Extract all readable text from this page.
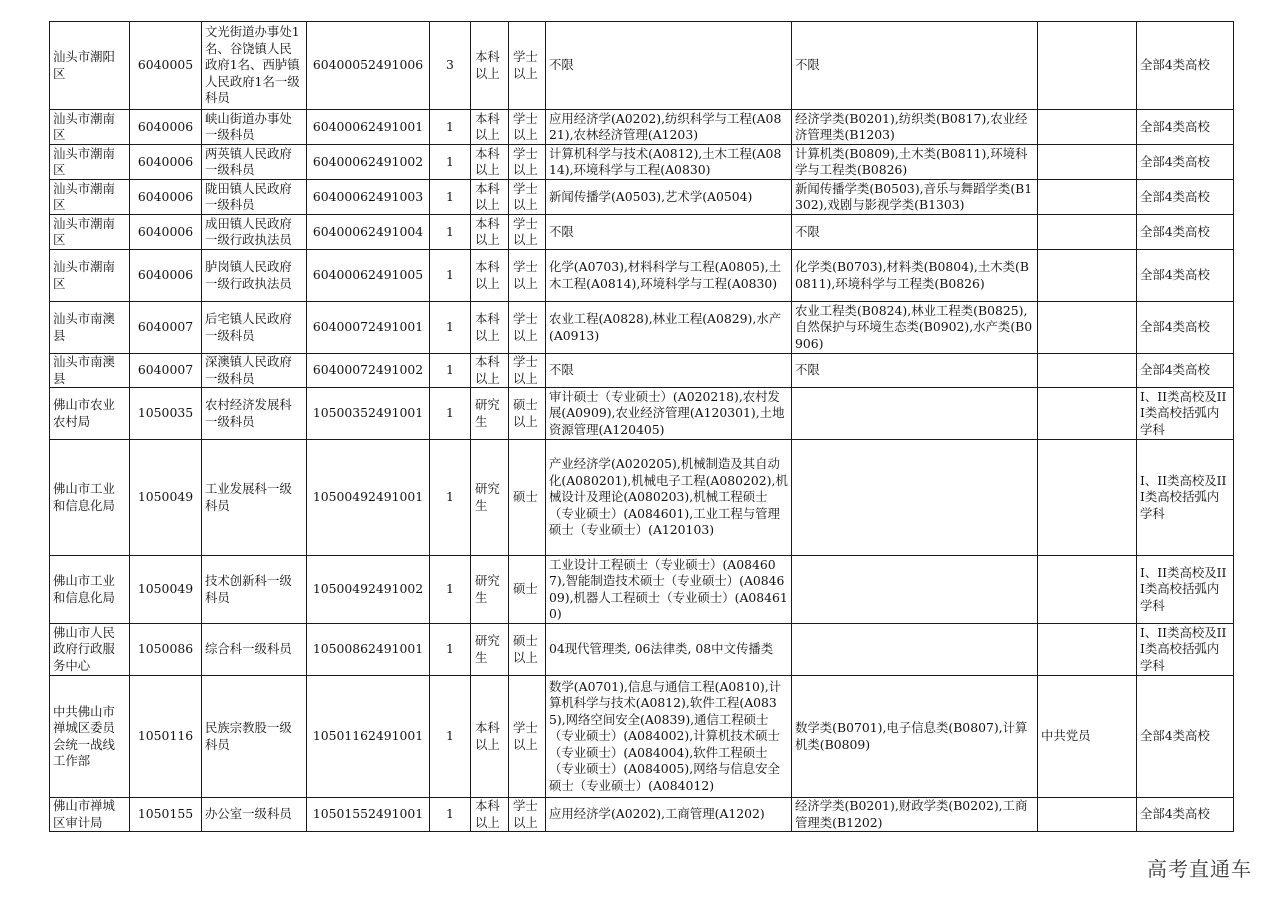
汕头市潮阳区	6040005	文光街道办事处1名、谷饶镇人民政府1名、西胪镇人民政府1名一级科员	60400052491006	3	本科以上	学士以上	不限	不限		全部4类高校
汕头市潮南区	6040006	峡山街道办事处一级科员	60400062491001	1	本科以上	学士以上	应用经济学(A0202),纺织科学与工程(A0821),农林经济管理(A1203)	经济学类(B0201),纺织类(B0817),农业经济管理类(B1203)		全部4类高校
汕头市潮南区	6040006	两英镇人民政府一级科员	60400062491002	1	本科以上	学士以上	计算机科学与技术(A0812),土木工程(A0814),环境科学与工程(A0830)	计算机类(B0809),土木类(B0811),环境科学与工程类(B0826)		全部4类高校
汕头市潮南区	6040006	陇田镇人民政府一级科员	60400062491003	1	本科以上	学士以上	新闻传播学(A0503),艺术学(A0504)	新闻传播学类(B0503),音乐与舞蹈学类(B1302),戏剧与影视学类(B1303)		全部4类高校
汕头市潮南区	6040006	成田镇人民政府一级行政执法员	60400062491004	1	本科以上	学士以上	不限	不限		全部4类高校
汕头市潮南区	6040006	胪岗镇人民政府一级行政执法员	60400062491005	1	本科以上	学士以上	化学(A0703),材料科学与工程(A0805),土木工程(A0814),环境科学与工程(A0830)	化学类(B0703),材料类(B0804),土木类(B0811),环境科学与工程类(B0826)		全部4类高校
汕头市南澳县	6040007	后宅镇人民政府一级科员	60400072491001	1	本科以上	学士以上	农业工程(A0828),林业工程(A0829),水产(A0913)	农业工程类(B0824),林业工程类(B0825),自然保护与环境生态类(B0902),水产类(B0906)		全部4类高校
汕头市南澳县	6040007	深澳镇人民政府一级科员	60400072491002	1	本科以上	学士以上	不限	不限		全部4类高校
佛山市农业农村局	1050035	农村经济发展科一级科员	10500352491001	1	研究生	硕士以上	审计硕士（专业硕士）(A020218),农村发展(A0909),农业经济管理(A120301),土地资源管理(A120405)			I、II类高校及III类高校括弧内学科
佛山市工业和信息化局	1050049	工业发展科一级科员	10500492491001	1	研究生	硕士	产业经济学(A020205),机械制造及其自动化(A080201),机械电子工程(A080202),机械设计及理论(A080203),机械工程硕士（专业硕士）(A084601),工业工程与管理硕士（专业硕士）(A120103)			I、II类高校及III类高校括弧内学科
佛山市工业和信息化局	1050049	技术创新科一级科员	10500492491002	1	研究生	硕士	工业设计工程硕士（专业硕士）(A084607),智能制造技术硕士（专业硕士）(A084609),机器人工程硕士（专业硕士）(A084610)			I、II类高校及III类高校括弧内学科
佛山市人民政府行政服务中心	1050086	综合科一级科员	10500862491001	1	研究生	硕士以上	04现代管理类, 06法律类, 08中文传播类			I、II类高校及III类高校括弧内学科
中共佛山市禅城区委员会统一战线工作部	1050116	民族宗教股一级科员	10501162491001	1	本科以上	学士以上	数学(A0701),信息与通信工程(A0810),计算机科学与技术(A0812),软件工程(A0835),网络空间安全(A0839),通信工程硕士（专业硕士）(A084002),计算机技术硕士（专业硕士）(A084004),软件工程硕士（专业硕士）(A084005),网络与信息安全硕士（专业硕士）(A084012)	数学类(B0701),电子信息类(B0807),计算机类(B0809)	中共党员	全部4类高校
佛山市禅城区审计局	1050155	办公室一级科员	10501552491001	1	本科以上	学士以上	应用经济学(A0202),工商管理(A1202)	经济学类(B0201),财政学类(B0202),工商管理类(B1202)		全部4类高校
高考直通车
